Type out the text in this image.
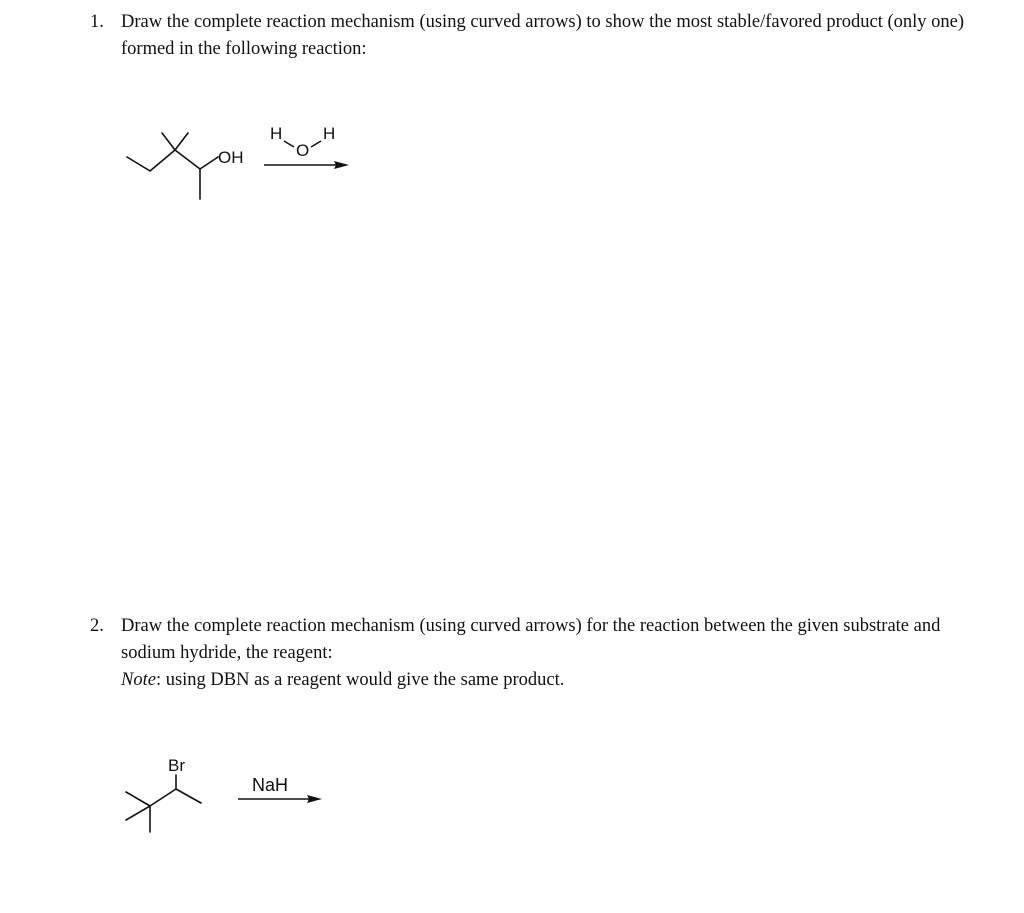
1. Draw the complete reaction mechanism (using curved arrows) to show the most stable/favored product (only one) formed in the following reaction:
OH
H
O
H
Br
NaH
2. Draw the complete reaction mechanism (using curved arrows) for the reaction between the given substrate and sodium hydride, the reagent:
Note: using DBN as a reagent would give the same product.
